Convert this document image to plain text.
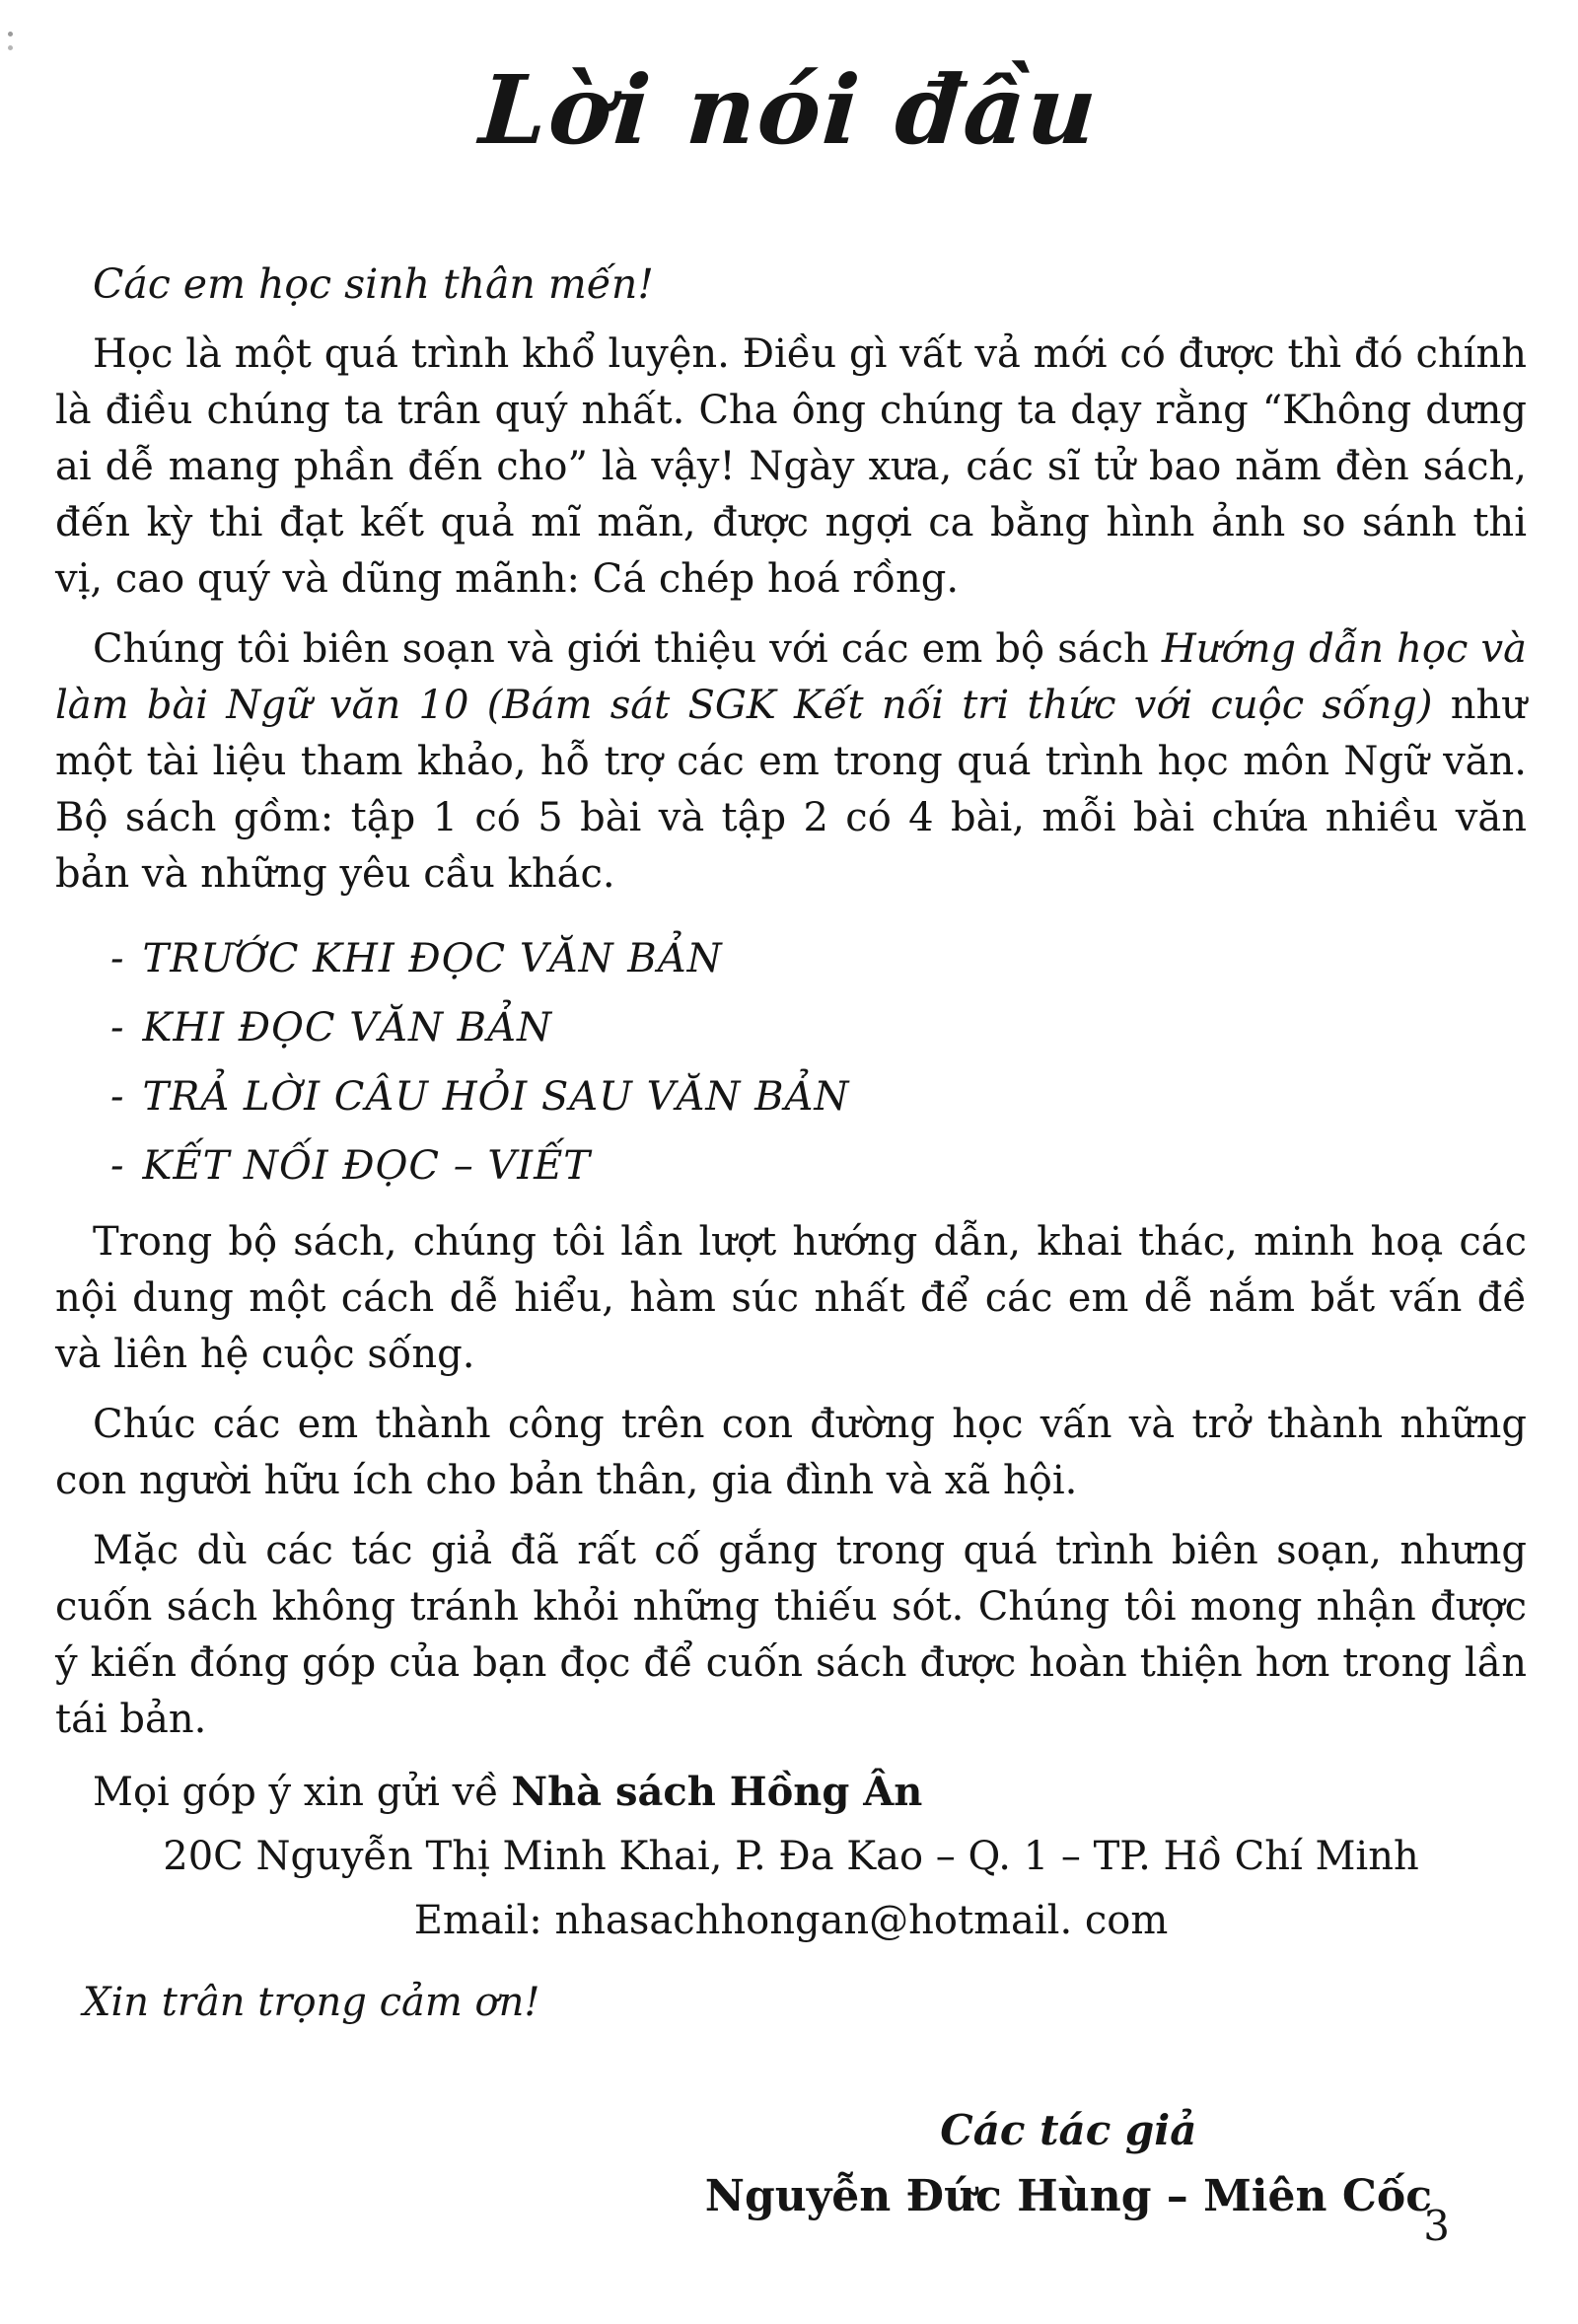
Lời nói đầu
Các em học sinh thân mến!

Học là một quá trình khổ luyện. Điều gì vất vả mới có được thì đó chính là điều chúng ta trân quý nhất. Cha ông chúng ta dạy rằng “Không dưng ai dễ mang phần đến cho” là vậy! Ngày xưa, các sĩ tử bao năm đèn sách, đến kỳ thi đạt kết quả mĩ mãn, được ngợi ca bằng hình ảnh so sánh thi vị, cao quý và dũng mãnh: Cá chép hoá rồng.

Chúng tôi biên soạn và giới thiệu với các em bộ sách Hướng dẫn học và làm bài Ngữ văn 10 (Bám sát SGK Kết nối tri thức với cuộc sống) như một tài liệu tham khảo, hỗ trợ các em trong quá trình học môn Ngữ văn. Bộ sách gồm: tập 1 có 5 bài và tập 2 có 4 bài, mỗi bài chứa nhiều văn bản và những yêu cầu khác.

- TRƯỚC KHI ĐỌC VĂN BẢN
- KHI ĐỌC VĂN BẢN
- TRẢ LỜI CÂU HỎI SAU VĂN BẢN
- KẾT NỐI ĐỌC – VIẾT

Trong bộ sách, chúng tôi lần lượt hướng dẫn, khai thác, minh hoạ các nội dung một cách dễ hiểu, hàm súc nhất để các em dễ nắm bắt vấn đề và liên hệ cuộc sống.

Chúc các em thành công trên con đường học vấn và trở thành những con người hữu ích cho bản thân, gia đình và xã hội.

Mặc dù các tác giả đã rất cố gắng trong quá trình biên soạn, nhưng cuốn sách không tránh khỏi những thiếu sót. Chúng tôi mong nhận được ý kiến đóng góp của bạn đọc để cuốn sách được hoàn thiện hơn trong lần tái bản.

Mọi góp ý xin gửi về Nhà sách Hồng Ân
20C Nguyễn Thị Minh Khai, P. Đa Kao – Q. 1 – TP. Hồ Chí Minh
Email: nhasachhongan@hotmail. com
Xin trân trọng cảm ơn!
Các tác giả
Nguyễn Đức Hùng – Miên Cốc
3
